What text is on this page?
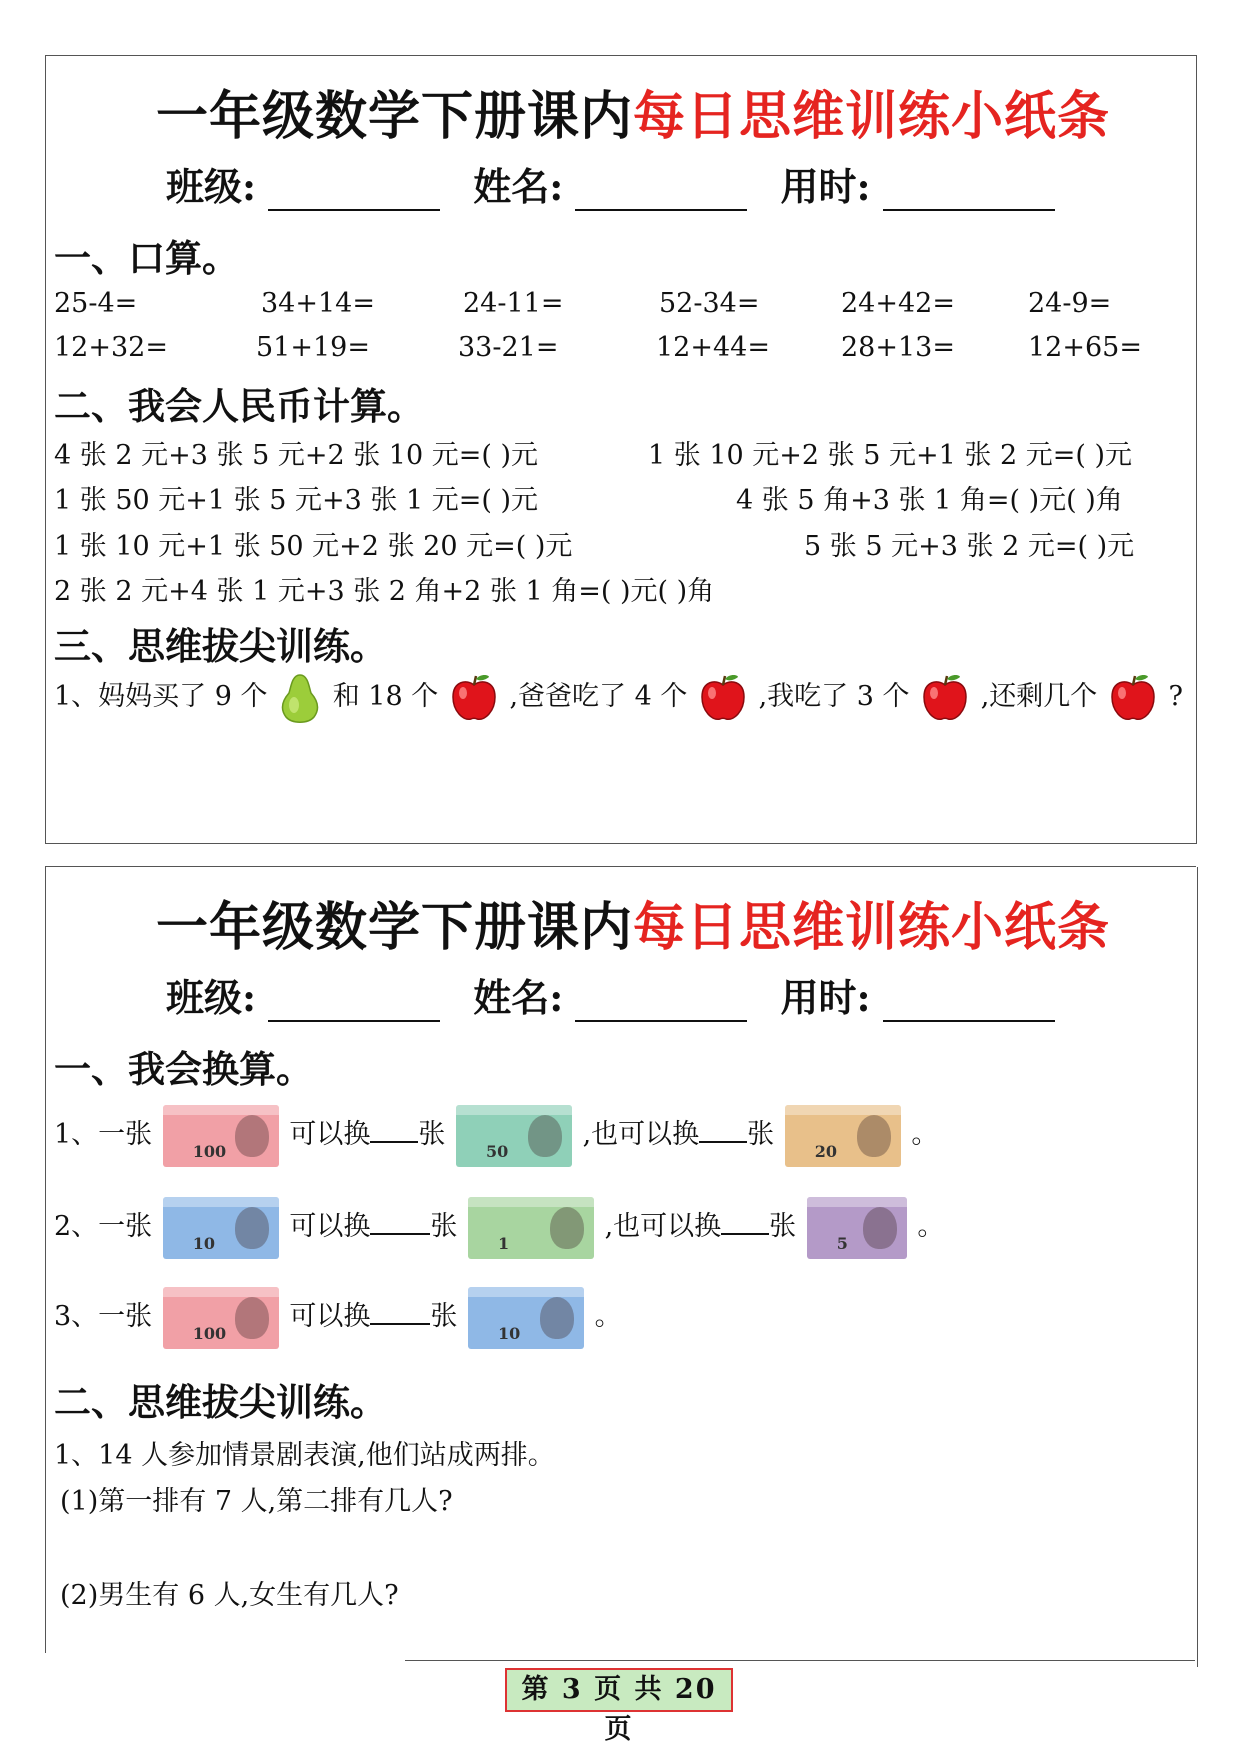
一年级数学下册课内每日思维训练小纸条
班级:	姓名:	用时:
一、口算。
25-4=	34+14=	24-11=	52-34=	24+42=	24-9=
12+32=	51+19=	33-21=	12+44=	28+13=	12+65=
二、我会人民币计算。
4 张 2 元+3 张 5 元+2 张 10 元=( )元	1 张 10 元+2 张 5 元+1 张 2 元=( )元
1 张 50 元+1 张 5 元+3 张 1 元=( )元	4 张 5 角+3 张 1 角=( )元( )角
1 张 10 元+1 张 50 元+2 张 20 元=( )元	5 张 5 元+3 张 2 元=( )元
2 张 2 元+4 张 1 元+3 张 2 角+2 张 1 角=( )元( )角
三、思维拔尖训练。
1、妈妈买了 9 个 和 18 个	,爸爸吃了 4 个	,我吃了 3 个	,还剩几个	?
一年级数学下册课内每日思维训练小纸条
班级:	姓名:	用时:
一、我会换算。
1、一张
100
可以换 张
50
,也可以换 张
20
。
2、一张
10
可以换 张
1
,也可以换 张
5
。
3、一张
100
可以换 张
10
。
二、思维拔尖训练。
1、14 人参加情景剧表演,他们站成两排。
(1)第一排有 7 人,第二排有几人?
(2)男生有 6 人,女生有几人?
第 3 页 共 20 页
